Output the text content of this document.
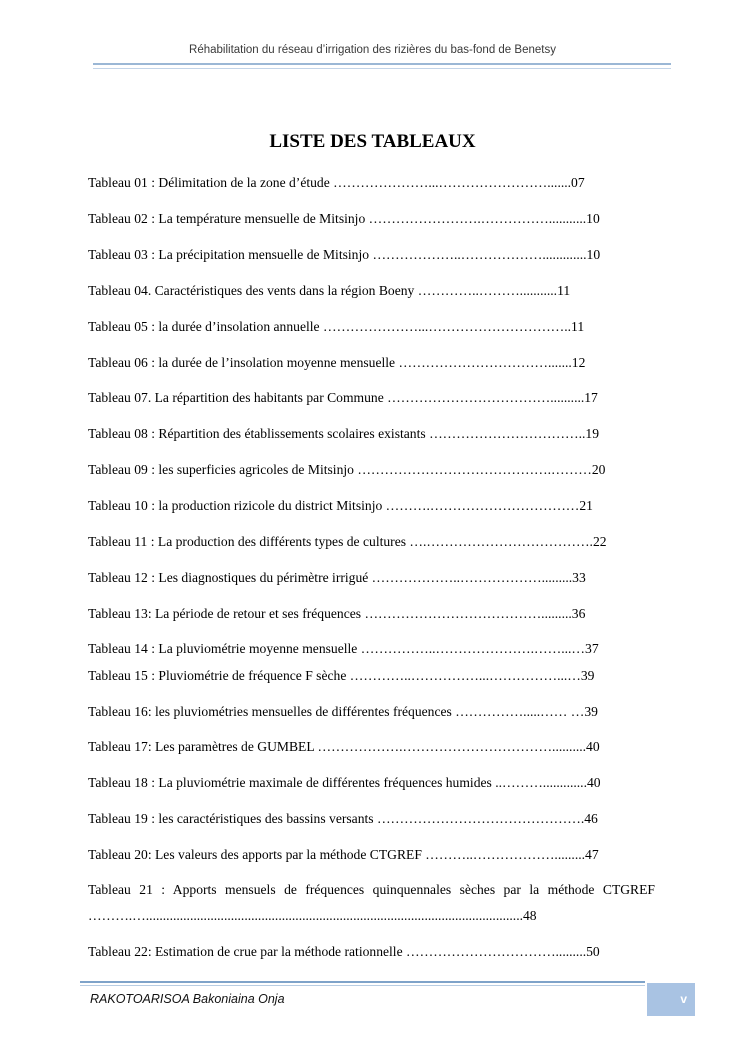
Réhabilitation du réseau d’irrigation des rizières du bas-fond de Benetsy
LISTE DES TABLEAUX
Tableau 01 : Délimitation de la zone d’étude …………………...…………………….......07
Tableau 02 : La température mensuelle de Mitsinjo …………………….……………...........10
Tableau 03 : La précipitation mensuelle de Mitsinjo ………………..……………….............10
Tableau 04. Caractéristiques des vents dans la région Boeny …………..………...........11
Tableau 05 : la durée d’insolation annuelle …………………...…………………………..11
Tableau 06 : la durée de l’insolation moyenne mensuelle …………………………….......12
Tableau 07. La répartition des habitants par Commune ………………………………..........17
Tableau 08 : Répartition des établissements scolaires existants ……………………………..19
Tableau 09 : les superficies agricoles de Mitsinjo …………………………………….………20
Tableau 10 : la production rizicole du district Mitsinjo ……….……………………………21
Tableau 11 : La production des différents types de cultures ….……………………………….22
Tableau 12 : Les diagnostiques du périmètre irrigué ………………..……………….........33
Tableau 13: La période de retour et ses fréquences ………………………………….........36
Tableau 14 : La pluviométrie moyenne mensuelle ……………..………………….……...…37
Tableau 15 : Pluviométrie de fréquence F sèche …………..……………...……………...…39
Tableau 16: les pluviométries mensuelles de différentes fréquences …………….....…… …39
Tableau 17: Les paramètres de GUMBEL ……………….……………………………..........40
Tableau 18 : La pluviométrie maximale de différentes fréquences humides ..……….............40
Tableau 19 : les caractéristiques des bassins versants ……………………………………….46
Tableau 20: Les valeurs des apports par la méthode CTGREF ………..……………….........47
Tableau 21 : Apports mensuels de fréquences quinquennales sèches par la méthode CTGREF ……….…...............................................................................................................48
Tableau 22: Estimation de crue par la méthode rationnelle …………………………….........50
RAKOTOARISOA Bakoniaina Onja	v
